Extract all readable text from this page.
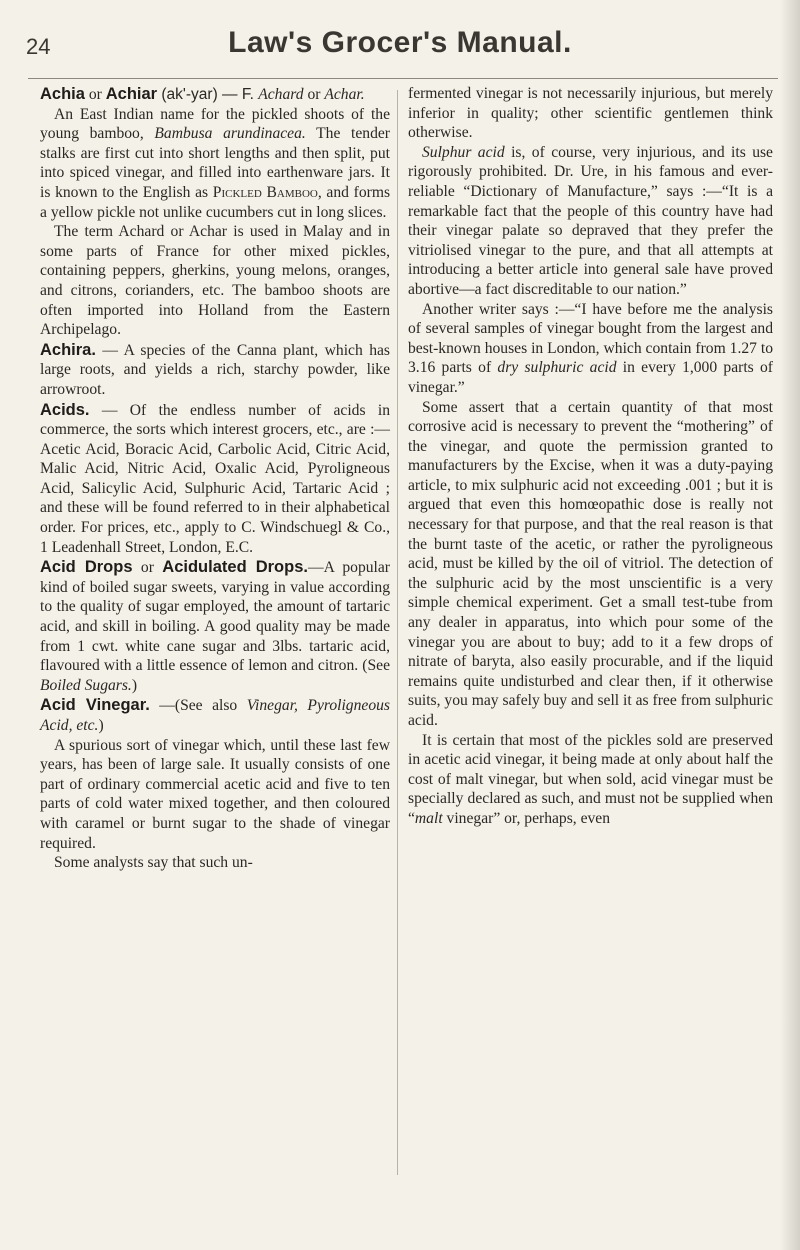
24	Law's Grocer's Manual.

Achia or Achiar (ak'-yar) — F. Achard or Achar.

An East Indian name for the pickled shoots of the young bamboo, Bambusa arundinacea. The tender stalks are first cut into short lengths and then split, put into spiced vinegar, and filled into earthenware jars. It is known to the English as Pickled Bamboo, and forms a yellow pickle not unlike cucumbers cut in long slices.

The term Achard or Achar is used in Malay and in some parts of France for other mixed pickles, containing peppers, gherkins, young melons, oranges, and citrons, corianders, etc. The bamboo shoots are often imported into Holland from the Eastern Archipelago.

Achira. — A species of the Canna plant, which has large roots, and yields a rich, starchy powder, like arrowroot.

Acids. — Of the endless number of acids in commerce, the sorts which interest grocers, etc., are :—Acetic Acid, Boracic Acid, Carbolic Acid, Citric Acid, Malic Acid, Nitric Acid, Oxalic Acid, Pyroligneous Acid, Salicylic Acid, Sulphuric Acid, Tartaric Acid ; and these will be found referred to in their alphabetical order. For prices, etc., apply to C. Windschuegl & Co., 1 Leadenhall Street, London, E.C.

Acid Drops or Acidulated Drops.—A popular kind of boiled sugar sweets, varying in value according to the quality of sugar employed, the amount of tartaric acid, and skill in boiling. A good quality may be made from 1 cwt. white cane sugar and 3lbs. tartaric acid, flavoured with a little essence of lemon and citron. (See Boiled Sugars.)

Acid Vinegar. —(See also Vinegar, Pyroligneous Acid, etc.)

A spurious sort of vinegar which, until these last few years, has been of large sale. It usually consists of one part of ordinary commercial acetic acid and five to ten parts of cold water mixed together, and then coloured with caramel or burnt sugar to the shade of vinegar required.

Some analysts say that such un-

fermented vinegar is not necessarily injurious, but merely inferior in quality; other scientific gentlemen think otherwise.

Sulphur acid is, of course, very injurious, and its use rigorously prohibited. Dr. Ure, in his famous and ever-reliable “Dictionary of Manufacture,” says :—“It is a remarkable fact that the people of this country have had their vinegar palate so depraved that they prefer the vitriolised vinegar to the pure, and that all attempts at introducing a better article into general sale have proved abortive—a fact discreditable to our nation.”

Another writer says :—“I have before me the analysis of several samples of vinegar bought from the largest and best-known houses in London, which contain from 1.27 to 3.16 parts of dry sulphuric acid in every 1,000 parts of vinegar.”

Some assert that a certain quantity of that most corrosive acid is necessary to prevent the “mothering” of the vinegar, and quote the permission granted to manufacturers by the Excise, when it was a duty-paying article, to mix sulphuric acid not exceeding .001 ; but it is argued that even this homœopathic dose is really not necessary for that purpose, and that the real reason is that the burnt taste of the acetic, or rather the pyroligneous acid, must be killed by the oil of vitriol. The detection of the sulphuric acid by the most unscientific is a very simple chemical experiment. Get a small test-tube from any dealer in apparatus, into which pour some of the vinegar you are about to buy; add to it a few drops of nitrate of baryta, also easily procurable, and if the liquid remains quite undisturbed and clear then, if it otherwise suits, you may safely buy and sell it as free from sulphuric acid.

It is certain that most of the pickles sold are preserved in acetic acid vinegar, it being made at only about half the cost of malt vinegar, but when sold, acid vinegar must be specially declared as such, and must not be supplied when “malt vinegar” or, perhaps, even
